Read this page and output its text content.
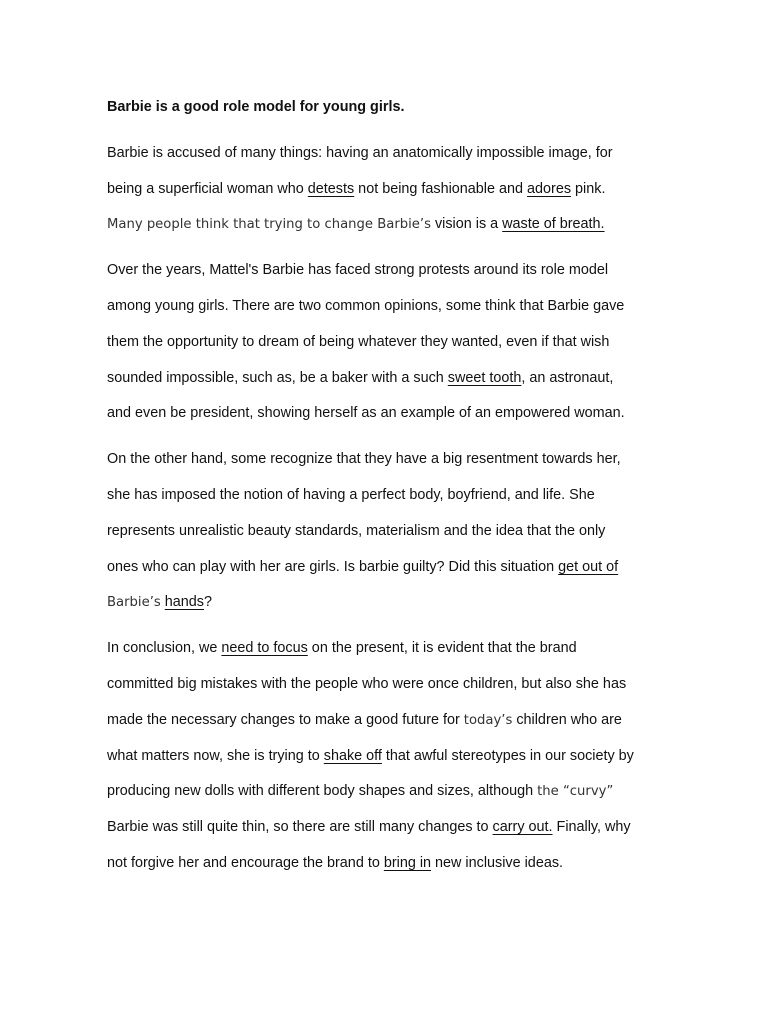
Barbie is a good role model for young girls.
Barbie is accused of many things: having an anatomically impossible image, for
being a superficial woman who detests not being fashionable and adores pink.
Many people think that trying to change Barbie’s vision is a waste of breath.
Over the years, Mattel's Barbie has faced strong protests around its role model
among young girls. There are two common opinions, some think that Barbie gave
them the opportunity to dream of being whatever they wanted, even if that wish
sounded impossible, such as, be a baker with a such sweet tooth, an astronaut,
and even be president, showing herself as an example of an empowered woman.
On the other hand, some recognize that they have a big resentment towards her,
she has imposed the notion of having a perfect body, boyfriend, and life. She
represents unrealistic beauty standards, materialism and the idea that the only
ones who can play with her are girls. Is barbie guilty? Did this situation get out of
Barbie’s hands?
In conclusion, we need to focus on the present, it is evident that the brand
committed big mistakes with the people who were once children, but also she has
made the necessary changes to make a good future for today’s children who are
what matters now, she is trying to shake off that awful stereotypes in our society by
producing new dolls with different body shapes and sizes, although the “curvy”
Barbie was still quite thin, so there are still many changes to carry out. Finally, why
not forgive her and encourage the brand to bring in new inclusive ideas.
